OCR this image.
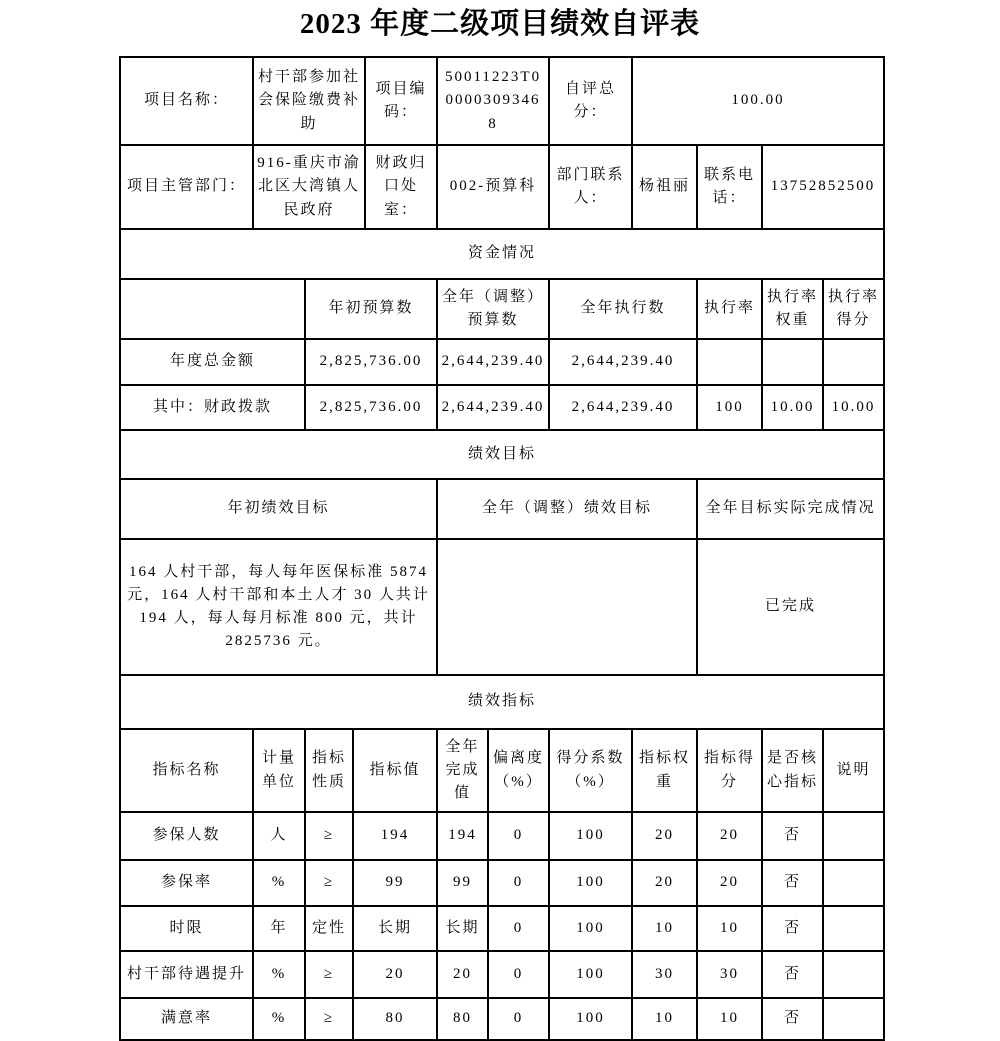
2023 年度二级项目绩效自评表
项目名称：	村干部参加社会保险缴费补助			项目编码：	50011223T000003093468		自评总分：	100.00			
项目主管部门：	916-重庆市渝北区大湾镇人民政府			财政归口处室：	002-预算科		部门联系人：	杨祖丽	联系电话：	13752852500	
资金情况											
		年初预算数			全年（调整）预算数		全年执行数		执行率	执行率权重	执行率得分
年度总金额		2,825,736.00			2,644,239.40		2,644,239.40				
其中：财政拨款		2,825,736.00			2,644,239.40		2,644,239.40		100	10.00	10.00
绩效目标											
年初绩效目标					全年（调整）绩效目标				全年目标实际完成情况		
164 人村干部，每人每年医保标准 5874 元，164 人村干部和本土人才 30 人共计 194 人，每人每月标准 800 元，共计 2825736 元。									已完成		
绩效指标											
指标名称	计量单位	指标性质	指标值		全年完成值	偏离度（%）	得分系数（%）	指标权重	指标得分	是否核心指标	说明
参保人数	人	≥	194		194	0	100	20	20	否	
参保率	%	≥	99		99	0	100	20	20	否	
时限	年	定性	长期		长期	0	100	10	10	否	
村干部待遇提升	%	≥	20		20	0	100	30	30	否	
满意率	%	≥	80		80	0	100	10	10	否	
